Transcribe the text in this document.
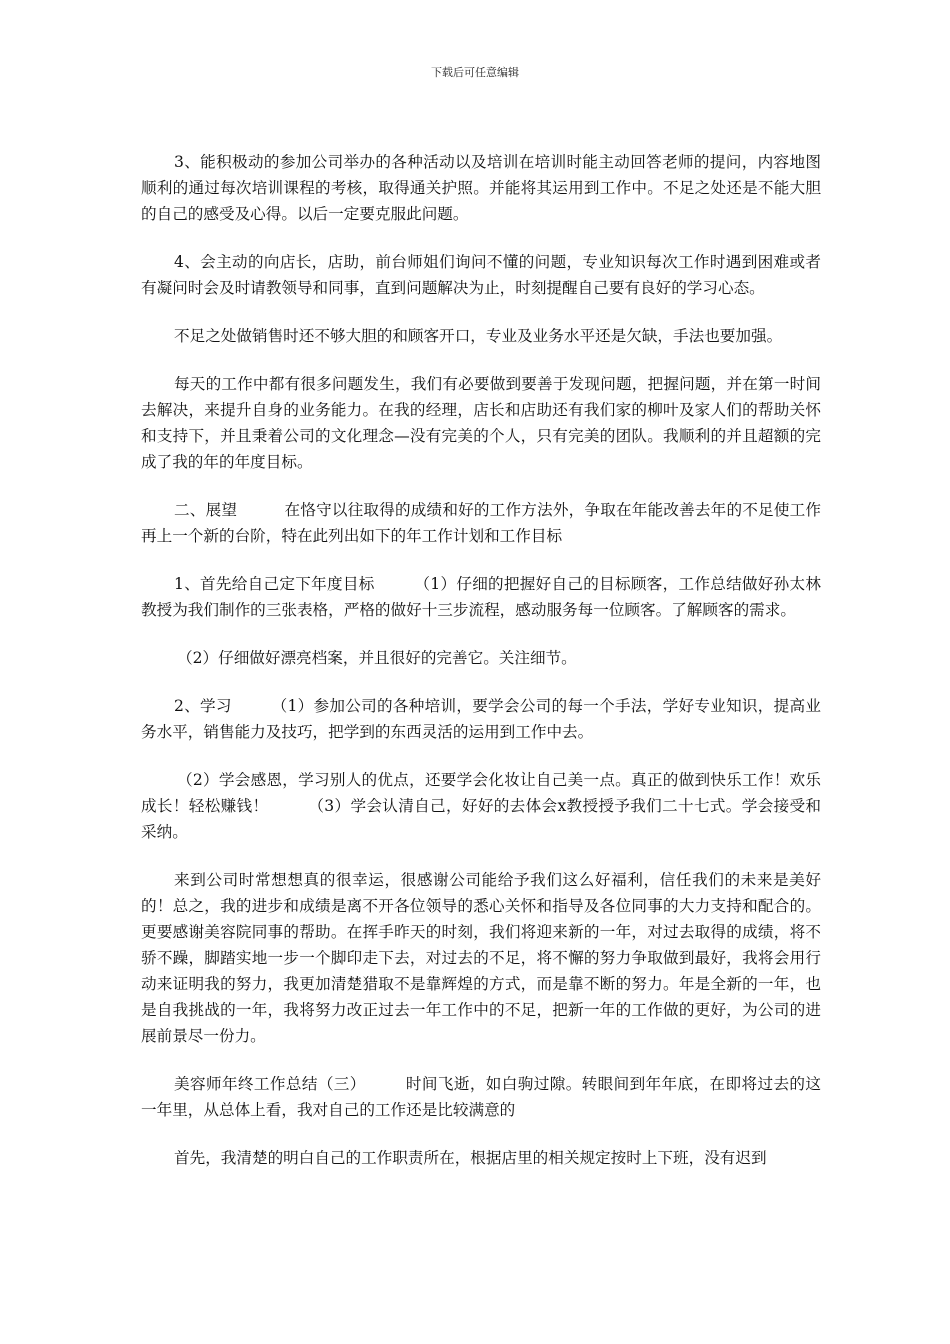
下载后可任意编辑

3、能积极动的参加公司举办的各种活动以及培训在培训时能主动回答老师的提问，内容地图顺利的通过每次培训课程的考核，取得通关护照。并能将其运用到工作中。不足之处还是不能大胆的自己的感受及心得。以后一定要克服此问题。

4、会主动的向店长，店助，前台师姐们询问不懂的问题，专业知识每次工作时遇到困难或者有凝问时会及时请教领导和同事，直到问题解决为止，时刻提醒自己要有良好的学习心态。

不足之处做销售时还不够大胆的和顾客开口，专业及业务水平还是欠缺，手法也要加强。

每天的工作中都有很多问题发生，我们有必要做到要善于发现问题，把握问题，并在第一时间去解决，来提升自身的业务能力。在我的经理，店长和店助还有我们家的柳叶及家人们的帮助关怀和支持下，并且秉着公司的文化理念—没有完美的个人，只有完美的团队。我顺利的并且超额的完成了我的年的年度目标。

二、展望　　　在恪守以往取得的成绩和好的工作方法外，争取在年能改善去年的不足使工作再上一个新的台阶，特在此列出如下的年工作计划和工作目标

1、首先给自己定下年度目标　　　（1）仔细的把握好自己的目标顾客，工作总结做好孙太林教授为我们制作的三张表格，严格的做好十三步流程，感动服务每一位顾客。了解顾客的需求。

（2）仔细做好漂亮档案，并且很好的完善它。关注细节。

2、学习　　　（1）参加公司的各种培训，要学会公司的每一个手法，学好专业知识，提高业务水平，销售能力及技巧，把学到的东西灵活的运用到工作中去。

（2）学会感恩，学习别人的优点，还要学会化妆让自己美一点。真正的做到快乐工作！欢乐成长！轻松赚钱！　　　（3）学会认清自己，好好的去体会x教授授予我们二十七式。学会接受和采纳。

来到公司时常想想真的很幸运，很感谢公司能给予我们这么好福利，信任我们的未来是美好的！总之，我的进步和成绩是离不开各位领导的悉心关怀和指导及各位同事的大力支持和配合的。更要感谢美容院同事的帮助。在挥手昨天的时刻，我们将迎来新的一年，对过去取得的成绩，将不骄不躁，脚踏实地一步一个脚印走下去，对过去的不足，将不懈的努力争取做到最好，我将会用行动来证明我的努力，我更加清楚猎取不是靠辉煌的方式，而是靠不断的努力。年是全新的一年，也是自我挑战的一年，我将努力改正过去一年工作中的不足，把新一年的工作做的更好，为公司的进展前景尽一份力。

美容师年终工作总结（三）　　　时间飞逝，如白驹过隙。转眼间到年年底，在即将过去的这一年里，从总体上看，我对自己的工作还是比较满意的

首先，我清楚的明白自己的工作职责所在，根据店里的相关规定按时上下班，没有迟到
